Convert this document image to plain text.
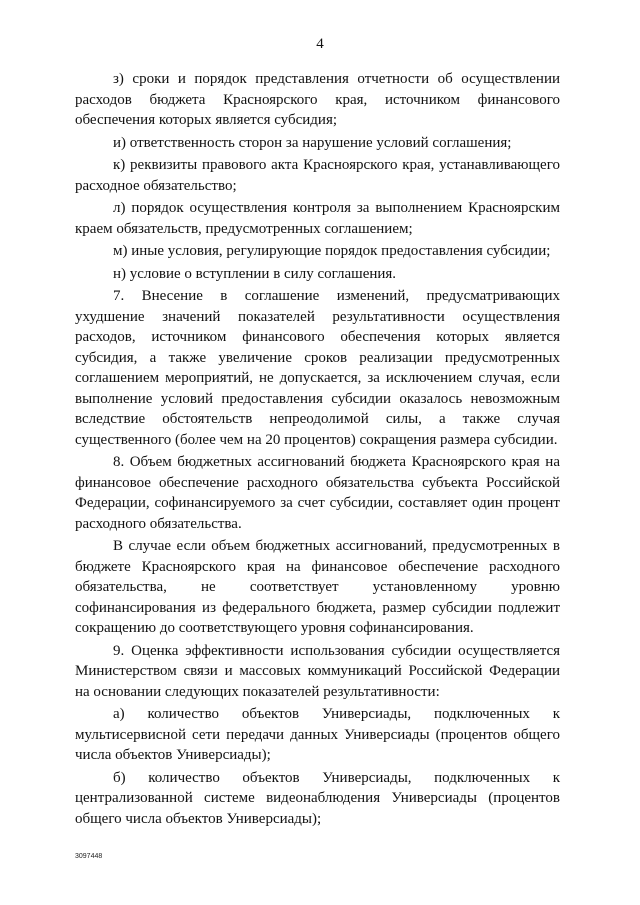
4

з) сроки и порядок представления отчетности об осуществлении расходов бюджета Красноярского края, источником финансового обеспечения которых является субсидия;

и) ответственность сторон за нарушение условий соглашения;

к) реквизиты правового акта Красноярского края, устанавливающего расходное обязательство;

л) порядок осуществления контроля за выполнением Красноярским краем обязательств, предусмотренных соглашением;

м) иные условия, регулирующие порядок предоставления субсидии;

н) условие о вступлении в силу соглашения.

7. Внесение в соглашение изменений, предусматривающих ухудшение значений показателей результативности осуществления расходов, источником финансового обеспечения которых является субсидия, а также увеличение сроков реализации предусмотренных соглашением мероприятий, не допускается, за исключением случая, если выполнение условий предоставления субсидии оказалось невозможным вследствие обстоятельств непреодолимой силы, а также случая существенного (более чем на 20 процентов) сокращения размера субсидии.

8. Объем бюджетных ассигнований бюджета Красноярского края на финансовое обеспечение расходного обязательства субъекта Российской Федерации, софинансируемого за счет субсидии, составляет один процент расходного обязательства.

В случае если объем бюджетных ассигнований, предусмотренных в бюджете Красноярского края на финансовое обеспечение расходного обязательства, не соответствует установленному уровню софинансирования из федерального бюджета, размер субсидии подлежит сокращению до соответствующего уровня софинансирования.

9. Оценка эффективности использования субсидии осуществляется Министерством связи и массовых коммуникаций Российской Федерации на основании следующих показателей результативности:

а) количество объектов Универсиады, подключенных к мультисервисной сети передачи данных Универсиады (процентов общего числа объектов Универсиады);

б) количество объектов Универсиады, подключенных к централизованной системе видеонаблюдения Универсиады (процентов общего числа объектов Универсиады);

3097448
